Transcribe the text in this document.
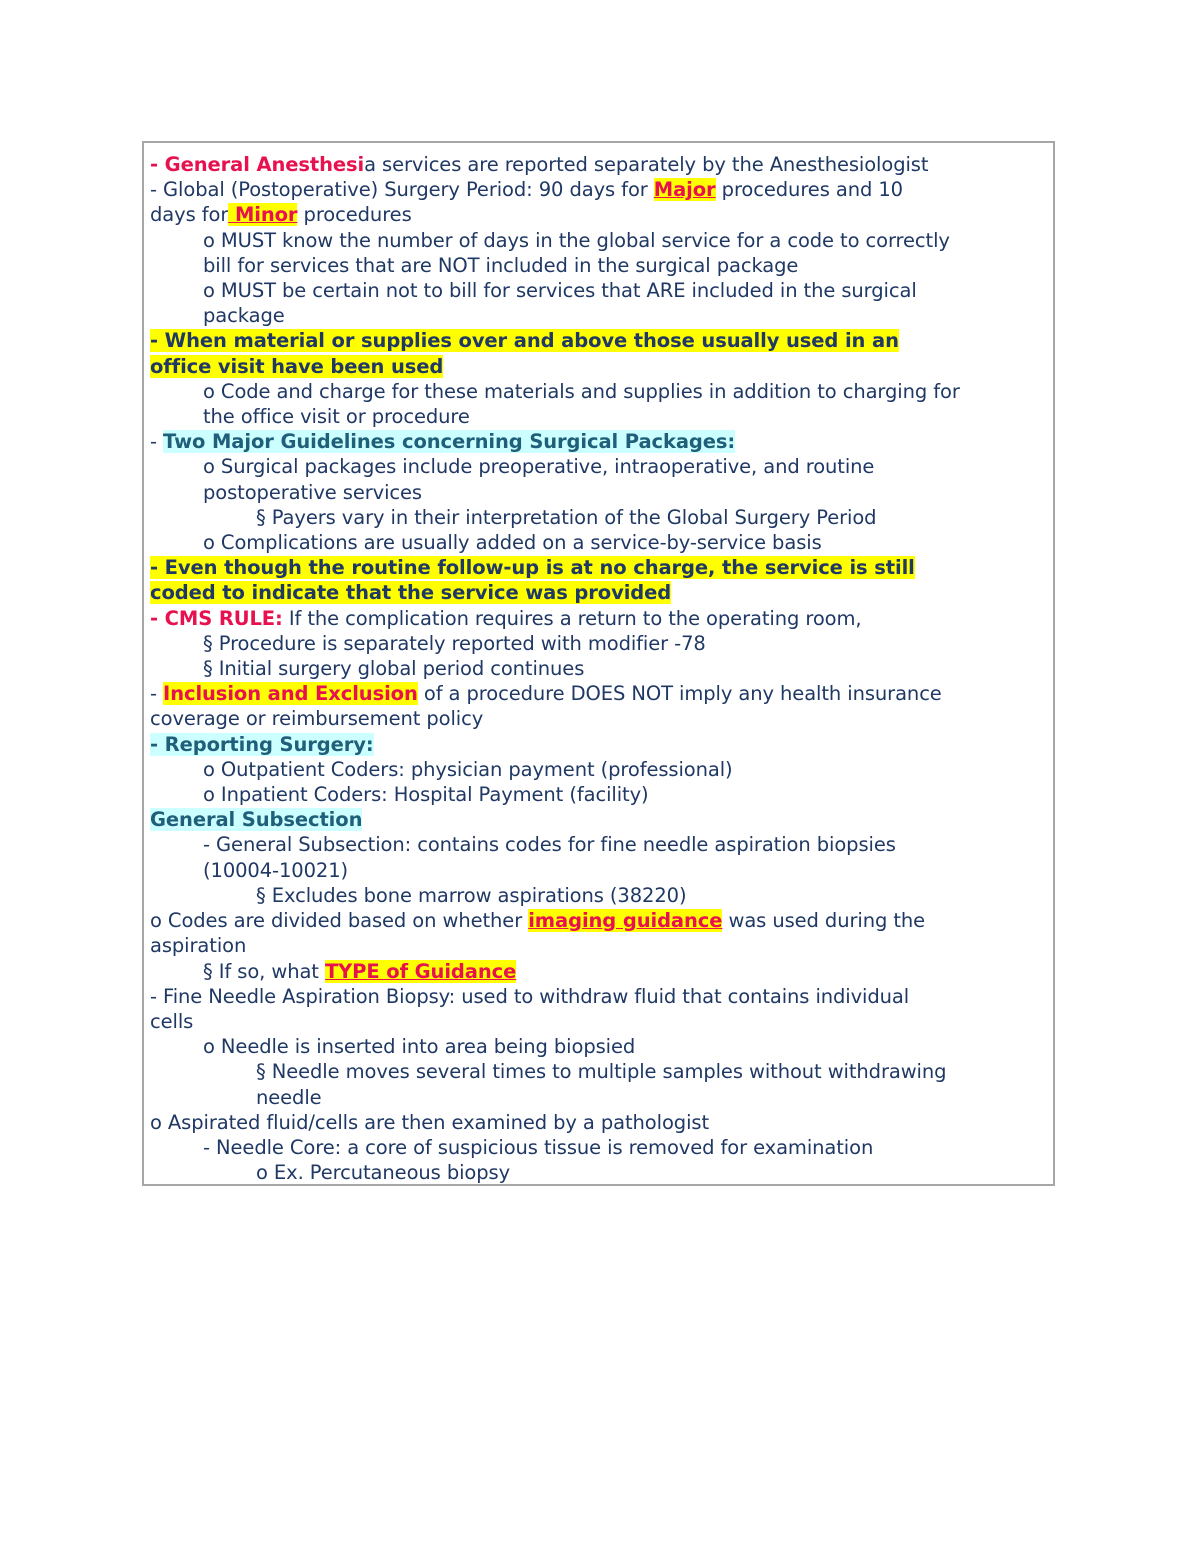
- General Anesthesia services are reported separately by the Anesthesiologist
- Global (Postoperative) Surgery Period: 90 days for Major procedures and 10
days for Minor procedures
o MUST know the number of days in the global service for a code to correctly
bill for services that are NOT included in the surgical package
o MUST be certain not to bill for services that ARE included in the surgical
package
- When material or supplies over and above those usually used in an
office visit have been used
o Code and charge for these materials and supplies in addition to charging for
the office visit or procedure
- Two Major Guidelines concerning Surgical Packages:
o Surgical packages include preoperative, intraoperative, and routine
postoperative services
§ Payers vary in their interpretation of the Global Surgery Period
o Complications are usually added on a service-by-service basis
- Even though the routine follow-up is at no charge, the service is still
coded to indicate that the service was provided
- CMS RULE: If the complication requires a return to the operating room,
§ Procedure is separately reported with modifier -78
§ Initial surgery global period continues
- Inclusion and Exclusion of a procedure DOES NOT imply any health insurance
coverage or reimbursement policy
- Reporting Surgery:
o Outpatient Coders: physician payment (professional)
o Inpatient Coders: Hospital Payment (facility)
General Subsection
- General Subsection: contains codes for fine needle aspiration biopsies
(10004-10021)
§ Excludes bone marrow aspirations (38220)
o Codes are divided based on whether imaging guidance was used during the
aspiration
§ If so, what TYPE of Guidance
- Fine Needle Aspiration Biopsy: used to withdraw fluid that contains individual
cells
o Needle is inserted into area being biopsied
§ Needle moves several times to multiple samples without withdrawing
needle
o Aspirated fluid/cells are then examined by a pathologist
- Needle Core: a core of suspicious tissue is removed for examination
o Ex. Percutaneous biopsy
